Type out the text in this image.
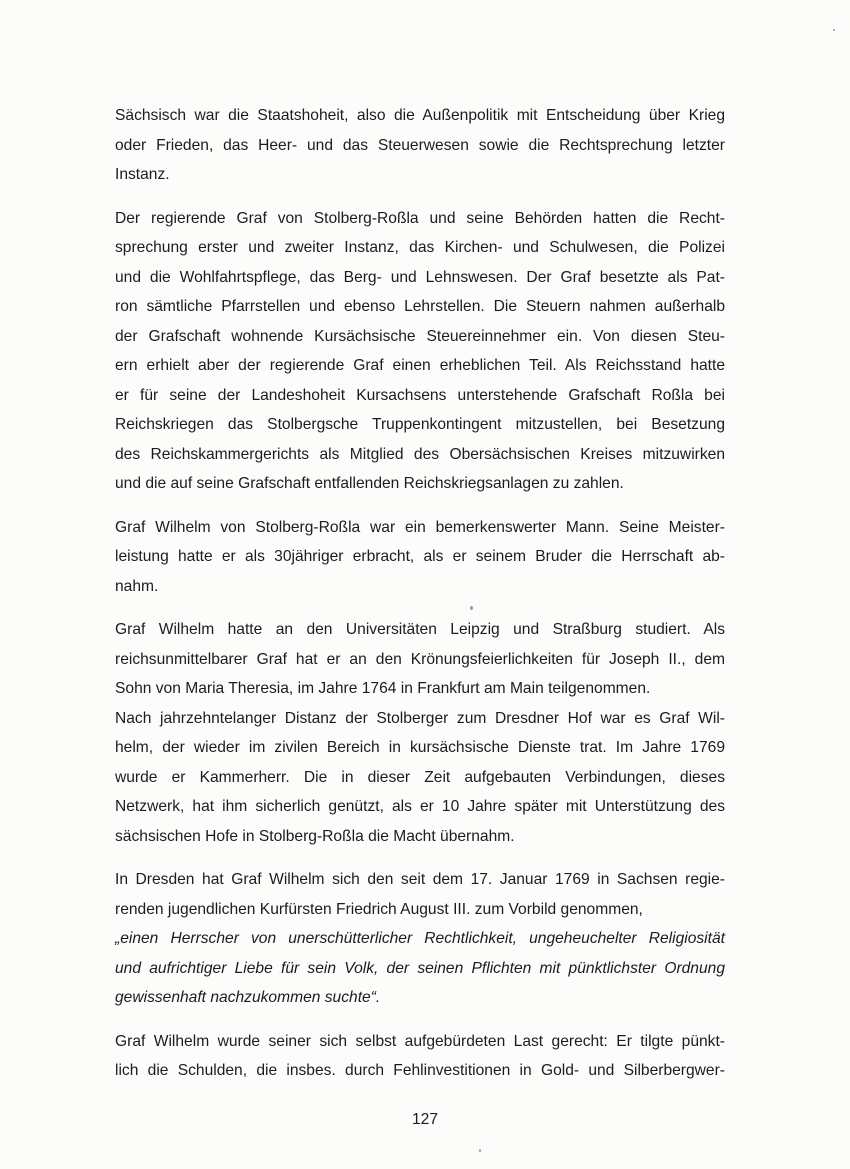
Sächsisch war die Staatshoheit, also die Außenpolitik mit Entscheidung über Krieg
oder Frieden, das Heer- und das Steuerwesen sowie die Rechtsprechung letzter
Instanz.
Der regierende Graf von Stolberg-Roßla und seine Behörden hatten die Recht-
sprechung erster und zweiter Instanz, das Kirchen- und Schulwesen, die Polizei
und die Wohlfahrtspflege, das Berg- und Lehnswesen. Der Graf besetzte als Pat-
ron sämtliche Pfarrstellen und ebenso Lehrstellen. Die Steuern nahmen außerhalb
der Grafschaft wohnende Kursächsische Steuereinnehmer ein. Von diesen Steu-
ern erhielt aber der regierende Graf einen erheblichen Teil. Als Reichsstand hatte
er für seine der Landeshoheit Kursachsens unterstehende Grafschaft Roßla bei
Reichskriegen das Stolbergsche Truppenkontingent mitzustellen, bei Besetzung
des Reichskammergerichts als Mitglied des Obersächsischen Kreises mitzuwirken
und die auf seine Grafschaft entfallenden Reichskriegsanlagen zu zahlen.
Graf Wilhelm von Stolberg-Roßla war ein bemerkenswerter Mann. Seine Meister-
leistung hatte er als 30jähriger erbracht, als er seinem Bruder die Herrschaft ab-
nahm.
Graf Wilhelm hatte an den Universitäten Leipzig und Straßburg studiert. Als
reichsunmittelbarer Graf hat er an den Krönungsfeierlichkeiten für Joseph II., dem
Sohn von Maria Theresia, im Jahre 1764 in Frankfurt am Main teilgenommen.
Nach jahrzehntelanger Distanz der Stolberger zum Dresdner Hof war es Graf Wil-
helm, der wieder im zivilen Bereich in kursächsische Dienste trat. Im Jahre 1769
wurde er Kammerherr. Die in dieser Zeit aufgebauten Verbindungen, dieses
Netzwerk, hat ihm sicherlich genützt, als er 10 Jahre später mit Unterstützung des
sächsischen Hofe in Stolberg-Roßla die Macht übernahm.
In Dresden hat Graf Wilhelm sich den seit dem 17. Januar 1769 in Sachsen regie-
renden jugendlichen Kurfürsten Friedrich August III. zum Vorbild genommen,
„einen Herrscher von unerschütterlicher Rechtlichkeit, ungeheuchelter Religiosität
und aufrichtiger Liebe für sein Volk, der seinen Pflichten mit pünktlichster Ordnung
gewissenhaft nachzukommen suchte“.
Graf Wilhelm wurde seiner sich selbst aufgebürdeten Last gerecht: Er tilgte pünkt-
lich die Schulden, die insbes. durch Fehlinvestitionen in Gold- und Silberbergwer-
127
